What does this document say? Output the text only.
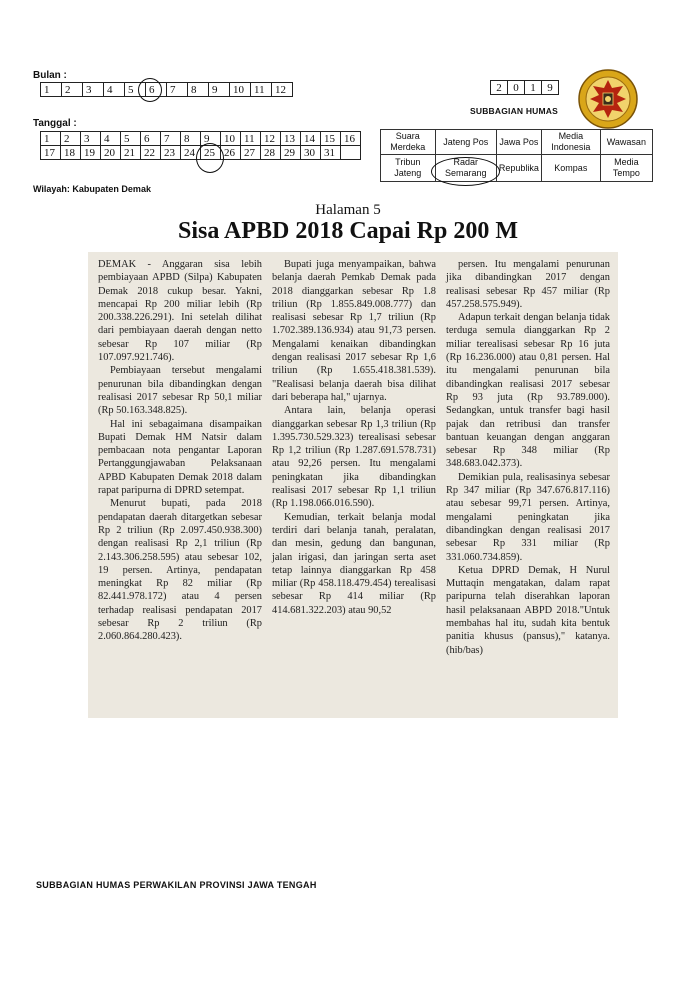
Bulan :
1	2	3	4	5	6	7	8	9	10	11	12
Tanggal :
1	2	3	4	5	6	7	8	9	10	11	12	13	14	15	16
17	18	19	20	21	22	23	24	25	26	27	28	29	30	31	
Wilayah: Kabupaten Demak
2	0	1	9
SUBBAGIAN HUMAS
Suara Merdeka	Jateng Pos	Jawa Pos	Media Indonesia	Wawasan
Tribun Jateng	Radar Semarang	Republika	Kompas	Media Tempo
Halaman 5
Sisa APBD 2018 Capai Rp 200 M

DEMAK - Anggaran sisa lebih pembiayaan APBD (Silpa) Kabupaten Demak 2018 cukup besar. Yakni, mencapai Rp 200 miliar lebih (Rp 200.338.226.291). Ini setelah dilihat dari pembiayaan daerah dengan netto sebesar Rp 107 miliar (Rp 107.097.921.746).

Pembiayaan tersebut mengalami penurunan bila dibandingkan dengan realisasi 2017 sebesar Rp 50,1 miliar (Rp 50.163.348.825).

Hal ini sebagaimana disampaikan Bupati Demak HM Natsir dalam pembacaan nota pengantar Laporan Pertanggungjawaban Pelaksanaan APBD Kabupaten Demak 2018 dalam rapat paripurna di DPRD setempat.

Menurut bupati, pada 2018 pendapatan daerah ditargetkan sebesar Rp 2 triliun (Rp 2.097.450.938.300) dengan realisasi Rp 2,1 triliun (Rp 2.143.306.258.595) atau sebesar 102, 19 persen. Artinya, pendapatan meningkat Rp 82 miliar (Rp 82.441.978.172) atau 4 persen terhadap realisasi pendapatan 2017 sebesar Rp 2 triliun (Rp 2.060.864.280.423).

Bupati juga menyampaikan, bahwa belanja daerah Pemkab Demak pada 2018 dianggarkan sebesar Rp 1.8 triliun (Rp 1.855.849.008.777) dan realisasi sebesar Rp 1,7 triliun (Rp 1.702.389.136.934) atau 91,73 persen. Mengalami kenaikan dibandingkan dengan realisasi 2017 sebesar Rp 1,6 triliun (Rp 1.655.418.381.539). "Realisasi belanja daerah bisa dilihat dari beberapa hal," ujarnya.

Antara lain, belanja operasi dianggarkan sebesar Rp 1,3 triliun (Rp 1.395.730.529.323) terealisasi sebesar Rp 1,2 triliun (Rp 1.287.691.578.731) atau 92,26 persen. Itu mengalami peningkatan jika dibandingkan realisasi 2017 sebesar Rp 1,1 triliun (Rp 1.198.066.016.590).

Kemudian, terkait belanja modal terdiri dari belanja tanah, peralatan, dan mesin, gedung dan bangunan, jalan irigasi, dan jaringan serta aset tetap lainnya dianggarkan Rp 458 miliar (Rp 458.118.479.454) terealisasi sebesar Rp 414 miliar (Rp 414.681.322.203) atau 90,52

persen. Itu mengalami penurunan jika dibandingkan 2017 dengan realisasi sebesar Rp 457 miliar (Rp 457.258.575.949).

Adapun terkait dengan belanja tidak terduga semula dianggarkan Rp 2 miliar terealisasi sebesar Rp 16 juta (Rp 16.236.000) atau 0,81 persen. Hal itu mengalami penurunan bila dibandingkan realisasi 2017 sebesar Rp 93 juta (Rp 93.789.000). Sedangkan, untuk transfer bagi hasil pajak dan retribusi dan transfer bantuan keuangan dengan anggaran sebesar Rp 348 miliar (Rp 348.683.042.373).

Demikian pula, realisasinya sebesar Rp 347 miliar (Rp 347.676.817.116) atau sebesar 99,71 persen. Artinya, mengalami peningkatan jika dibandingkan dengan realisasi 2017 sebesar Rp 331 miliar (Rp 331.060.734.859).

Ketua DPRD Demak, H Nurul Muttaqin mengatakan, dalam rapat paripurna telah diserahkan laporan hasil pelaksanaan ABPD 2018."Untuk membahas hal itu, sudah kita bentuk panitia khusus (pansus)," katanya. (hib/bas)

SUBBAGIAN HUMAS PERWAKILAN PROVINSI JAWA TENGAH
